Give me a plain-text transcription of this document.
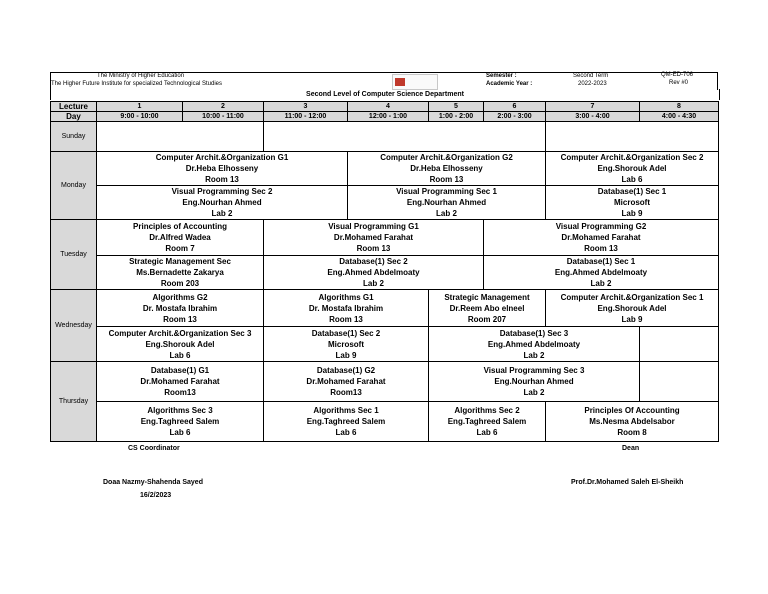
The Ministry of Higher Education
The Higher Future Institute for specialized Technological Studies
Semester :	Second Term
Academic Year :	2022-2023
QM-ED-706
Rev #0
Second Level of Computer Science Department
Lecture	1	2	3	4	5	6	7	8	
Day	9:00 - 10:00	10:00 - 11:00	11:00 - 12:00	12:00 - 1:00	1:00 - 2:00	2:00 - 3:00	3:00 - 4:00	4:00 - 4:30	
Sunday									
Monday	Computer Archit.&Organization G1
Dr.Heba Elhosseny
Room 13			Computer Archit.&Organization G2
Dr.Heba Elhosseny
Room 13			Computer Archit.&Organization Sec 2
Eng.Shorouk Adel
Lab 6		

	Visual Programming Sec 2
Eng.Nourhan Ahmed
Lab 2			Visual Programming Sec 1
Eng.Nourhan Ahmed
Lab 2			Database(1) Sec 1
Microsoft
Lab 9		

Tuesday	Principles of Accounting
Dr.Alfred Wadea
Room 7		Visual Programming G1
Dr.Mohamed Farahat
Room 13			Visual Programming G2
Dr.Mohamed Farahat
Room 13			

	Strategic Management Sec
Ms.Bernadette Zakarya
Room 203		Database(1) Sec 2
Eng.Ahmed Abdelmoaty
Lab 2			Database(1) Sec 1
Eng.Ahmed Abdelmoaty
Lab 2			

Wednesday	Algorithms G2
Dr. Mostafa Ibrahim
Room 13		Algorithms G1
Dr. Mostafa Ibrahim
Room 13		Strategic Management
Dr.Reem Abo elneel
Room 207		Computer Archit.&Organization Sec 1
Eng.Shorouk Adel
Lab 9		

	Computer Archit.&Organization Sec 3
Eng.Shorouk Adel
Lab 6		Database(1) Sec 2
Microsoft
Lab 9		Database(1) Sec 3
Eng.Ahmed Abdelmoaty
Lab 2				

Thursday	Database(1) G1
Dr.Mohamed Farahat
Room13		Database(1) G2
Dr.Mohamed Farahat
Room13		Visual Programming Sec 3
Eng.Nourhan Ahmed
Lab 2				

	Algorithms Sec 3
Eng.Taghreed Salem
Lab 6		Algorithms Sec 1
Eng.Taghreed Salem
Lab 6		Algorithms Sec 2
Eng.Taghreed Salem
Lab 6		Principles Of Accounting
Ms.Nesma Abdelsabor
Room 8		
CS Coordinator	Dean
Doaa Nazmy-Shahenda Sayed	Prof.Dr.Mohamed Saleh El-Sheikh
16/2/2023
